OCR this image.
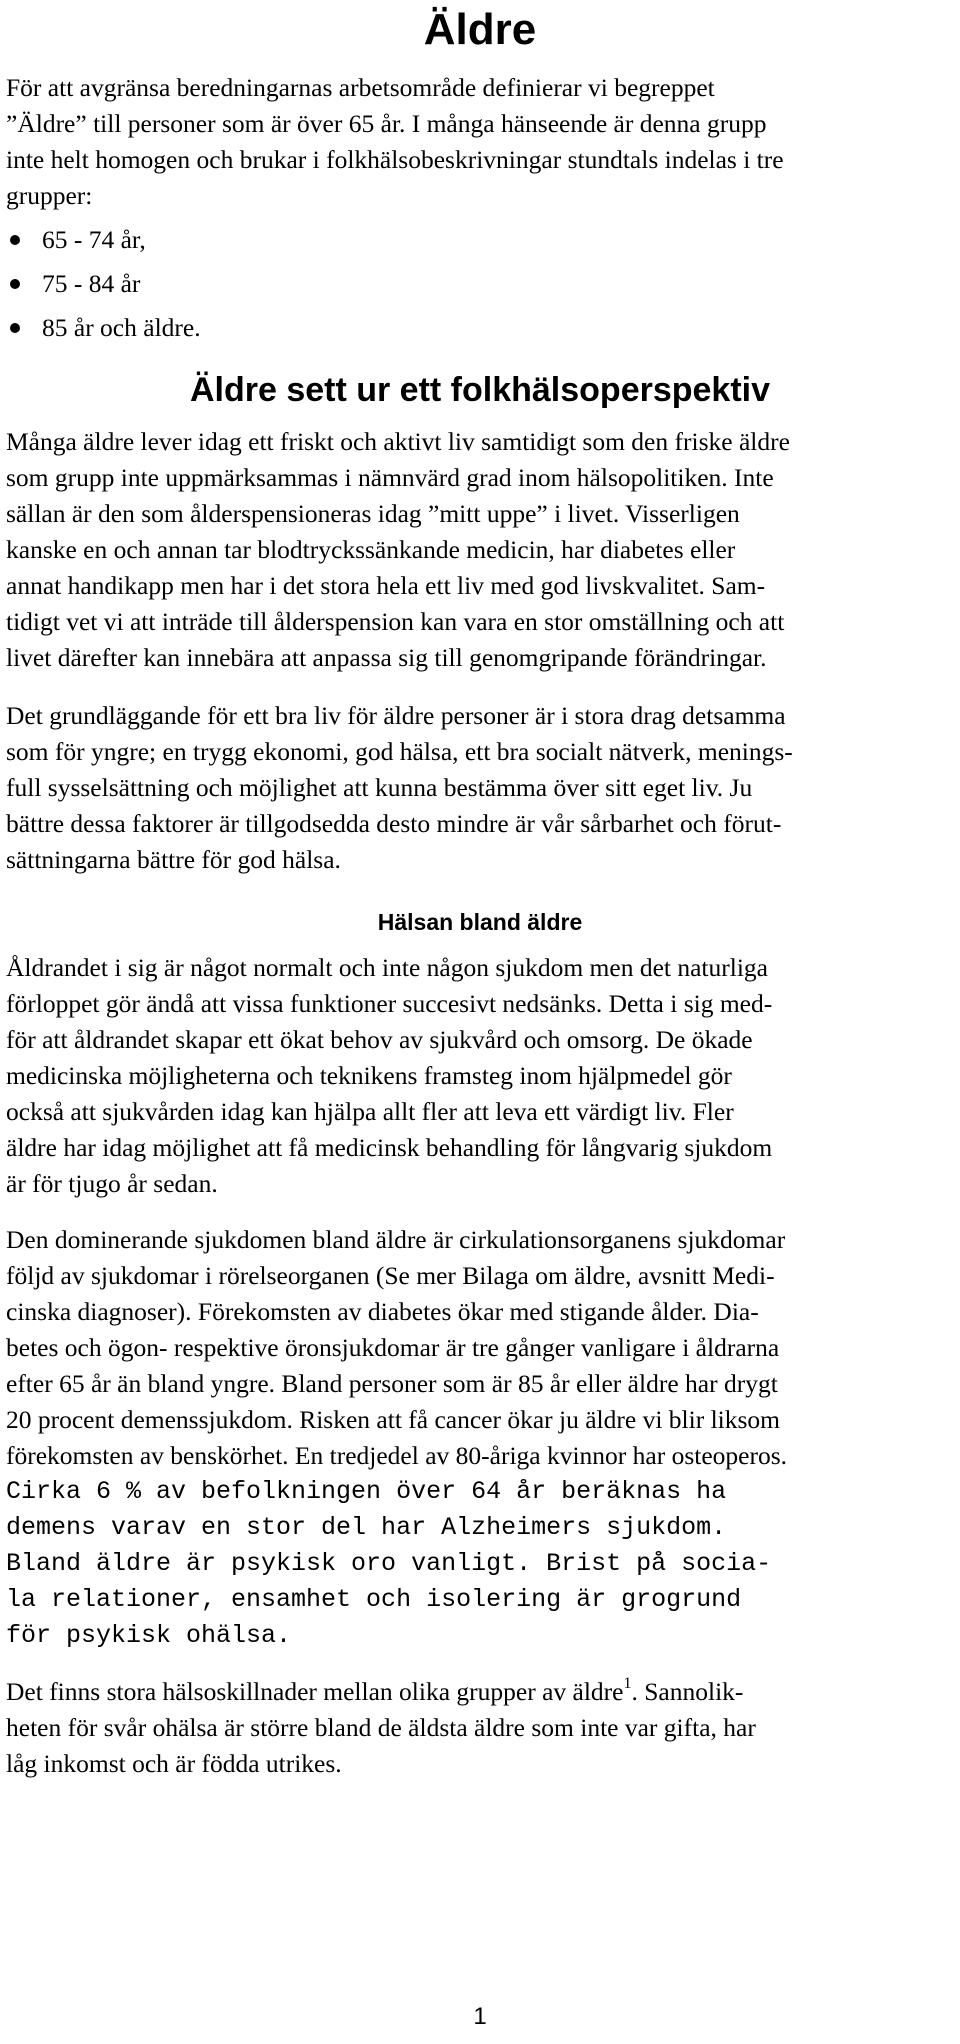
Äldre

För att avgränsa beredningarnas arbetsområde definierar vi begreppet
”Äldre” till personer som är över 65 år. I många hänseende är denna grupp
inte helt homogen och brukar i folkhälsobeskrivningar stundtals indelas i tre
grupper:

65 - 74 år,
75 - 84 år
85 år och äldre.
Äldre sett ur ett folkhälsoperspektiv

Många äldre lever idag ett friskt och aktivt liv samtidigt som den friske äldre
som grupp inte uppmärksammas i nämnvärd grad inom hälsopolitiken. Inte
sällan är den som ålderspensioneras idag ”mitt uppe” i livet. Visserligen
kanske en och annan tar blodtryckssänkande medicin, har diabetes eller
annat handikapp men har i det stora hela ett liv med god livskvalitet. Sam-
tidigt vet vi att inträde till ålderspension kan vara en stor omställning och att
livet därefter kan innebära att anpassa sig till genomgripande förändringar.

Det grundläggande för ett bra liv för äldre personer är i stora drag detsamma
som för yngre; en trygg ekonomi, god hälsa, ett bra socialt nätverk, menings-
full sysselsättning och möjlighet att kunna bestämma över sitt eget liv. Ju
bättre dessa faktorer är tillgodsedda desto mindre är vår sårbarhet och förut-
sättningarna bättre för god hälsa.

Hälsan bland äldre

Åldrandet i sig är något normalt och inte någon sjukdom men det naturliga
förloppet gör ändå att vissa funktioner succesivt nedsänks. Detta i sig med-
för att åldrandet skapar ett ökat behov av sjukvård och omsorg. De ökade
medicinska möjligheterna och teknikens framsteg inom hjälpmedel gör
också att sjukvården idag kan hjälpa allt fler att leva ett värdigt liv. Fler
äldre har idag möjlighet att få medicinsk behandling för långvarig sjukdom
är för tjugo år sedan.

Den dominerande sjukdomen bland äldre är cirkulationsorganens sjukdomar
följd av sjukdomar i rörelseorganen (Se mer Bilaga om äldre, avsnitt Medi-
cinska diagnoser). Förekomsten av diabetes ökar med stigande ålder. Dia-
betes och ögon- respektive öronsjukdomar är tre gånger vanligare i åldrarna
efter 65 år än bland yngre. Bland personer som är 85 år eller äldre har drygt
20 procent demenssjukdom. Risken att få cancer ökar ju äldre vi blir liksom
förekomsten av benskörhet. En tredjedel av 80-åriga kvinnor har osteoperos.
Cirka 6 % av befolkningen över 64 år beräknas ha
demens varav en stor del har Alzheimers sjukdom.
Bland äldre är psykisk oro vanligt. Brist på socia-
la relationer, ensamhet och isolering är grogrund
för psykisk ohälsa.

Det finns stora hälsoskillnader mellan olika grupper av äldre$^1$. Sannolik-
heten för svår ohälsa är större bland de äldsta äldre som inte var gifta, har
låg inkomst och är födda utrikes.

1
